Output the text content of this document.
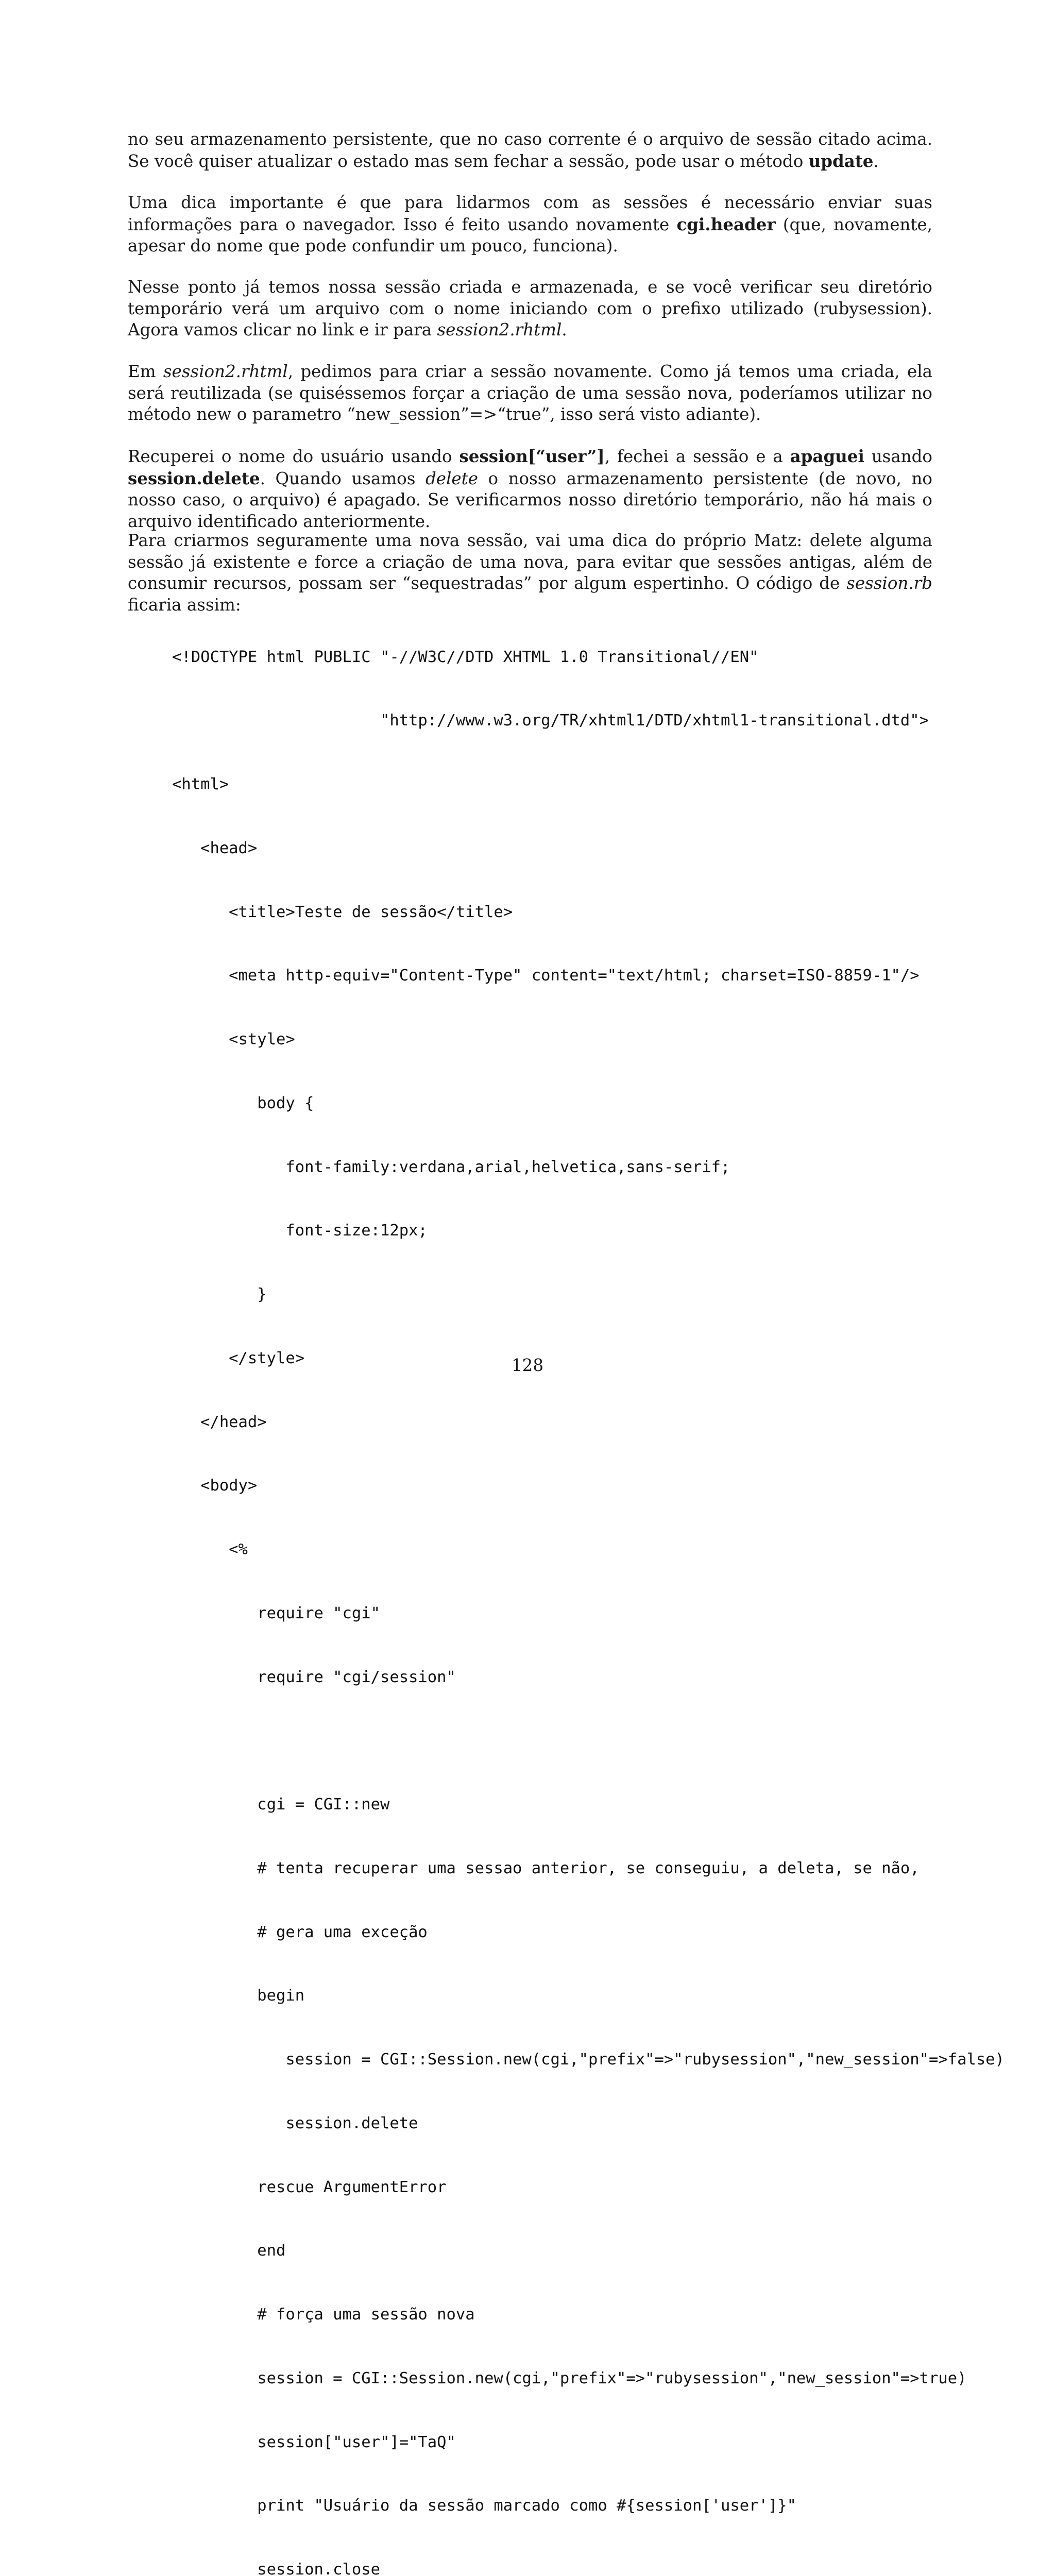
no seu armazenamento persistente, que no caso corrente é o arquivo de sessão citado acima. Se você quiser atualizar o estado mas sem fechar a sessão, pode usar o método update.

Uma dica importante é que para lidarmos com as sessões é necessário enviar suas informações para o navegador. Isso é feito usando novamente cgi.header (que, novamente, apesar do nome que pode confundir um pouco, funciona).

Nesse ponto já temos nossa sessão criada e armazenada, e se você verificar seu diretório temporário verá um arquivo com o nome iniciando com o prefixo utilizado (rubysession). Agora vamos clicar no link e ir para session2.rhtml.

Em session2.rhtml, pedimos para criar a sessão novamente. Como já temos uma criada, ela será reutilizada (se quiséssemos forçar a criação de uma sessão nova, poderíamos utilizar no método new o parametro “new_session”=>“true”, isso será visto adiante).

Recuperei o nome do usuário usando session[“user”], fechei a sessão e a apaguei usando session.delete. Quando usamos delete o nosso armazenamento persistente (de novo, no nosso caso, o arquivo) é apagado. Se verificarmos nosso diretório temporário, não há mais o arquivo identificado anteriormente.

Para criarmos seguramente uma nova sessão, vai uma dica do próprio Matz: delete alguma sessão já existente e force a criação de uma nova, para evitar que sessões antigas, além de consumir recursos, possam ser “sequestradas” por algum espertinho. O código de session.rb ficaria assim:

<!DOCTYPE html PUBLIC "-//W3C//DTD XHTML 1.0 Transitional//EN"

"http://www.w3.org/TR/xhtml1/DTD/xhtml1-transitional.dtd">

<html>

<head>

<title>Teste de sessão</title>

<meta http-equiv="Content-Type" content="text/html; charset=ISO-8859-1"/>

<style>

body {

font-family:verdana,arial,helvetica,sans-serif;

font-size:12px;

}

</style>

</head>

<body>

<%

require "cgi"

require "cgi/session"

cgi = CGI::new

# tenta recuperar uma sessao anterior, se conseguiu, a deleta, se não,

# gera uma exceção

begin

session = CGI::Session.new(cgi,"prefix"=>"rubysession","new_session"=>false)

session.delete

rescue ArgumentError

end

# força uma sessão nova

session = CGI::Session.new(cgi,"prefix"=>"rubysession","new_session"=>true)

session["user"]="TaQ"

print "Usuário da sessão marcado como #{session['user']}"

session.close

128
